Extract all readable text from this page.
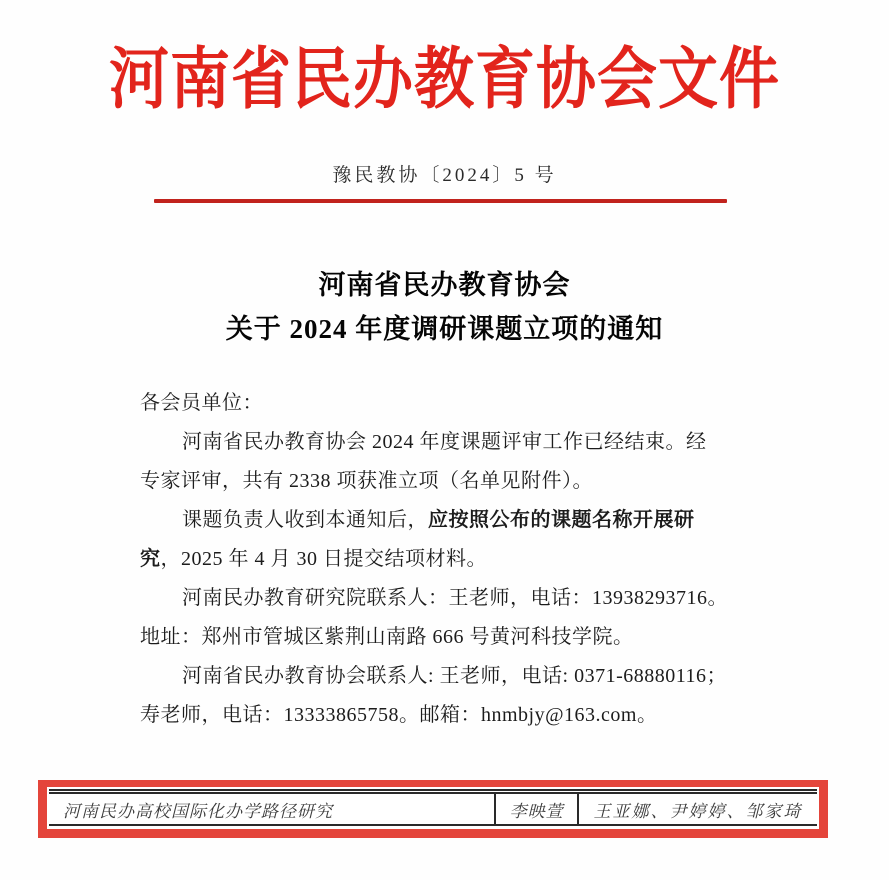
河南省民办教育协会文件
豫民教协〔2024〕5 号
河南省民办教育协会
关于 2024 年度调研课题立项的通知
各会员单位：
河南省民办教育协会 2024 年度课题评审工作已经结束。经
专家评审，共有 2338 项获准立项（名单见附件）。
课题负责人收到本通知后，应按照公布的课题名称开展研
究，2025 年 4 月 30 日提交结项材料。
河南民办教育研究院联系人：王老师，电话：13938293716。
地址：郑州市管城区紫荆山南路 666 号黄河科技学院。
河南省民办教育协会联系人: 王老师，电话: 0371-68880116；
寿老师，电话：13333865758。邮箱：hnmbjy@163.com。
河南民办高校国际化办学路径研究	李映萱	王亚娜、尹婷婷、邹家琦
